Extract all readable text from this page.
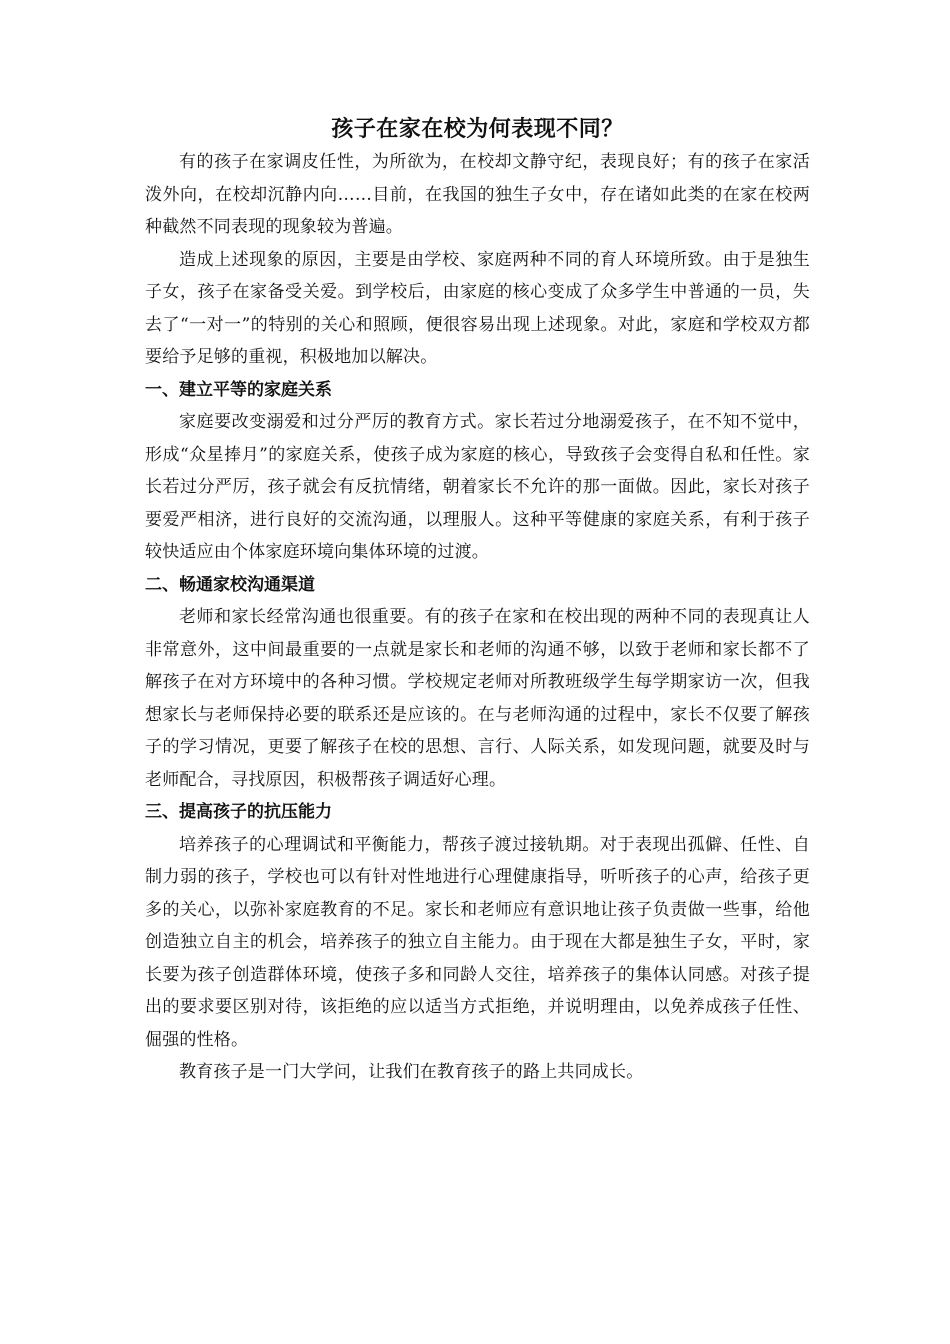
孩子在家在校为何表现不同？

有的孩子在家调皮任性，为所欲为，在校却文静守纪，表现良好；有的孩子在家活泼外向，在校却沉静内向……目前，在我国的独生子女中，存在诸如此类的在家在校两种截然不同表现的现象较为普遍。

造成上述现象的原因，主要是由学校、家庭两种不同的育人环境所致。由于是独生子女，孩子在家备受关爱。到学校后，由家庭的核心变成了众多学生中普通的一员，失去了“一对一”的特别的关心和照顾，便很容易出现上述现象。对此，家庭和学校双方都要给予足够的重视，积极地加以解决。

一、建立平等的家庭关系

家庭要改变溺爱和过分严厉的教育方式。家长若过分地溺爱孩子，在不知不觉中，形成“众星捧月”的家庭关系，使孩子成为家庭的核心，导致孩子会变得自私和任性。家长若过分严厉，孩子就会有反抗情绪，朝着家长不允许的那一面做。因此，家长对孩子要爱严相济，进行良好的交流沟通，以理服人。这种平等健康的家庭关系，有利于孩子较快适应由个体家庭环境向集体环境的过渡。

二、畅通家校沟通渠道

老师和家长经常沟通也很重要。有的孩子在家和在校出现的两种不同的表现真让人非常意外，这中间最重要的一点就是家长和老师的沟通不够，以致于老师和家长都不了解孩子在对方环境中的各种习惯。学校规定老师对所教班级学生每学期家访一次，但我想家长与老师保持必要的联系还是应该的。在与老师沟通的过程中，家长不仅要了解孩子的学习情况，更要了解孩子在校的思想、言行、人际关系，如发现问题，就要及时与老师配合，寻找原因，积极帮孩子调适好心理。

三、提高孩子的抗压能力

培养孩子的心理调试和平衡能力，帮孩子渡过接轨期。对于表现出孤僻、任性、自制力弱的孩子，学校也可以有针对性地进行心理健康指导，听听孩子的心声，给孩子更多的关心，以弥补家庭教育的不足。家长和老师应有意识地让孩子负责做一些事，给他创造独立自主的机会，培养孩子的独立自主能力。由于现在大都是独生子女，平时，家长要为孩子创造群体环境，使孩子多和同龄人交往，培养孩子的集体认同感。对孩子提出的要求要区别对待，该拒绝的应以适当方式拒绝，并说明理由，以免养成孩子任性、倔强的性格。

教育孩子是一门大学问，让我们在教育孩子的路上共同成长。
